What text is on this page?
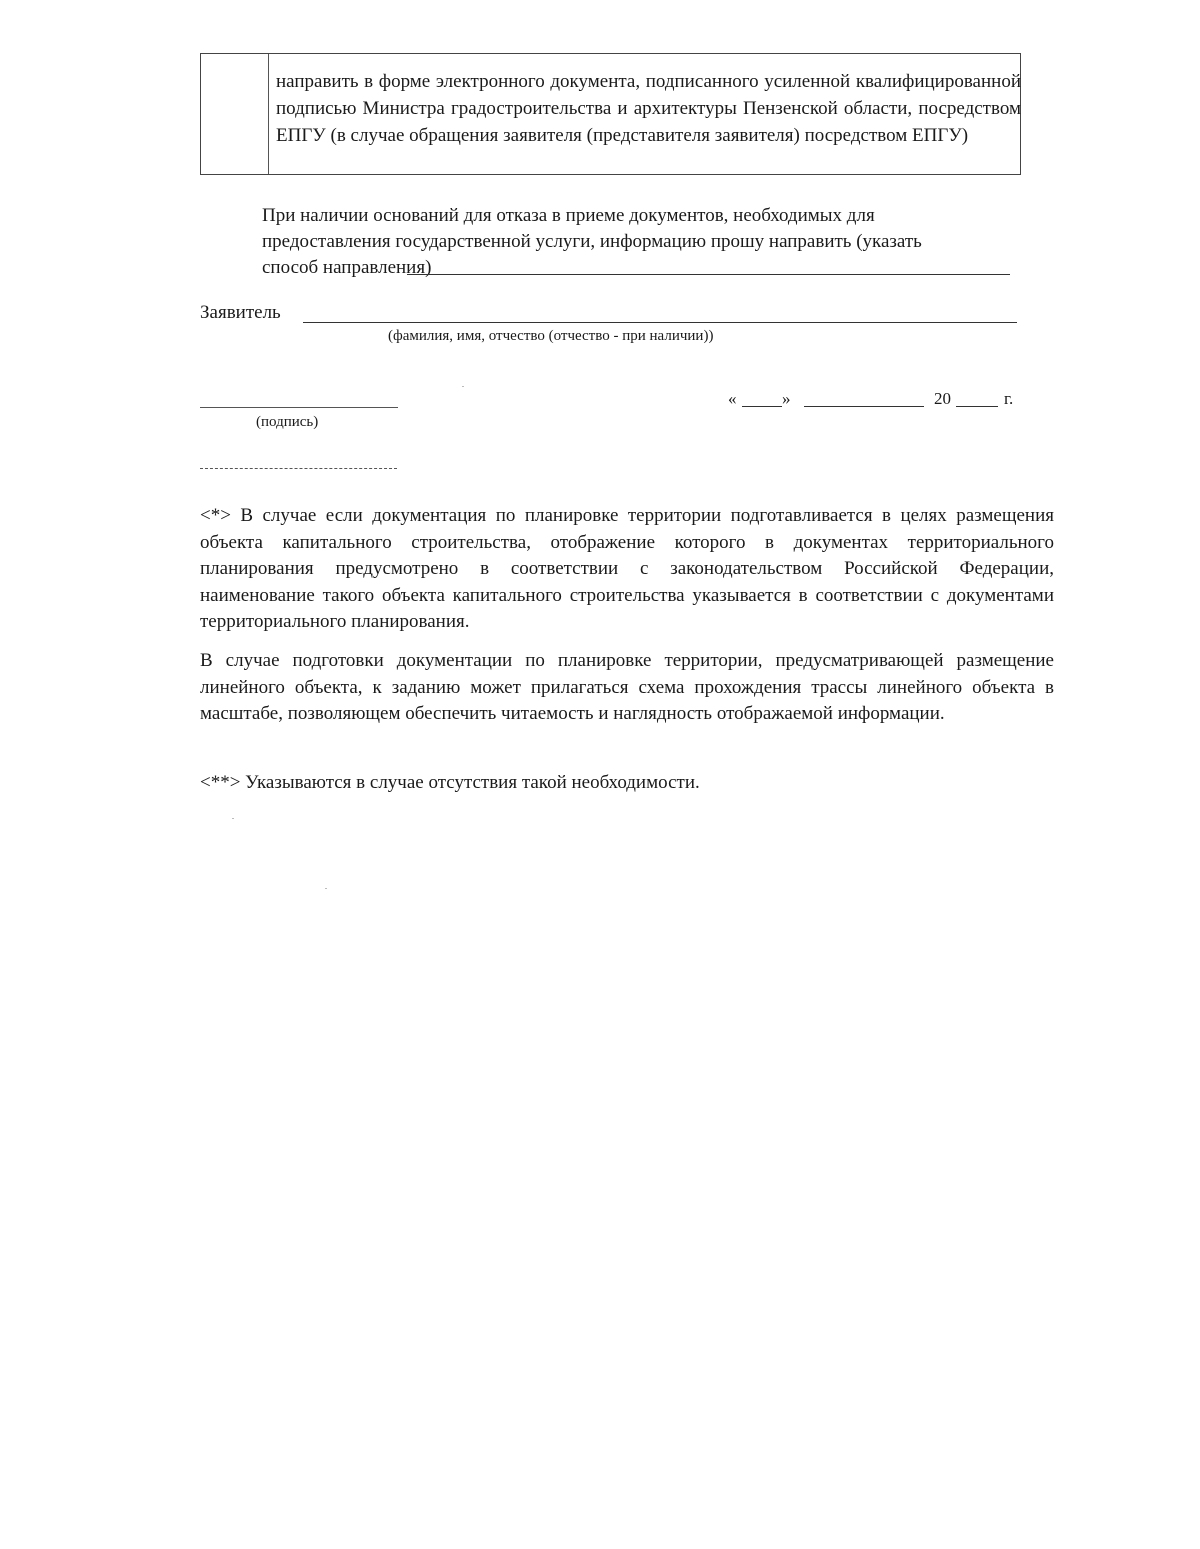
направить в форме электронного документа, подписанного усиленной квалифицированной подписью Министра градостроительства и архитектуры Пензенской области, посредством ЕПГУ (в случае обращения заявителя (представителя заявителя) посредством ЕПГУ)
При наличии оснований для отказа в приеме документов, необходимых для предоставления государственной услуги, информацию прошу направить (указать способ направления)
Заявитель
(фамилия, имя, отчество (отчество - при наличии))
(подпись)
«	»	20	г.
<*> В случае если документация по планировке территории подготавливается в целях размещения объекта капитального строительства, отображение которого в документах территориального планирования предусмотрено в соответствии с законодательством Российской Федерации, наименование такого объекта капитального строительства указывается в соответствии с документами территориального планирования.
В случае подготовки документации по планировке территории, предусматривающей размещение линейного объекта, к заданию может прилагаться схема прохождения трассы линейного объекта в масштабе, позволяющем обеспечить читаемость и наглядность отображаемой информации.
<**> Указываются в случае отсутствия такой необходимости.
